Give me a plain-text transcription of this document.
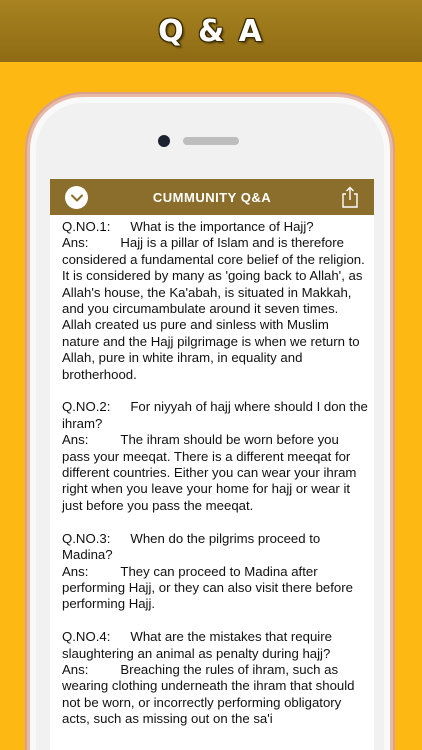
Q & A
CUMMUNITY Q&A

Q.NO.1: What is the importance of Hajj?

Ans: Hajj is a pillar of Islam and is therefore considered a fundamental core belief of the religion. It is considered by many as 'going back to Allah', as Allah's house, the Ka'abah, is situated in Makkah, and you circumambulate around it seven times. Allah created us pure and sinless with Muslim nature and the Hajj pilgrimage is when we return to Allah, pure in white ihram, in equality and brotherhood.

Q.NO.2: For niyyah of hajj where should I don the ihram?

Ans: The ihram should be worn before you pass your meeqat. There is a different meeqat for different countries. Either you can wear your ihram right when you leave your home for hajj or wear it just before you pass the meeqat.

Q.NO.3: When do the pilgrims proceed to Madina?

Ans: They can proceed to Madina after performing Hajj, or they can also visit there before performing Hajj.

Q.NO.4: What are the mistakes that require slaughtering an animal as penalty during hajj?

Ans: Breaching the rules of ihram, such as wearing clothing underneath the ihram that should not be worn, or incorrectly performing obligatory acts, such as missing out on the sa'i
